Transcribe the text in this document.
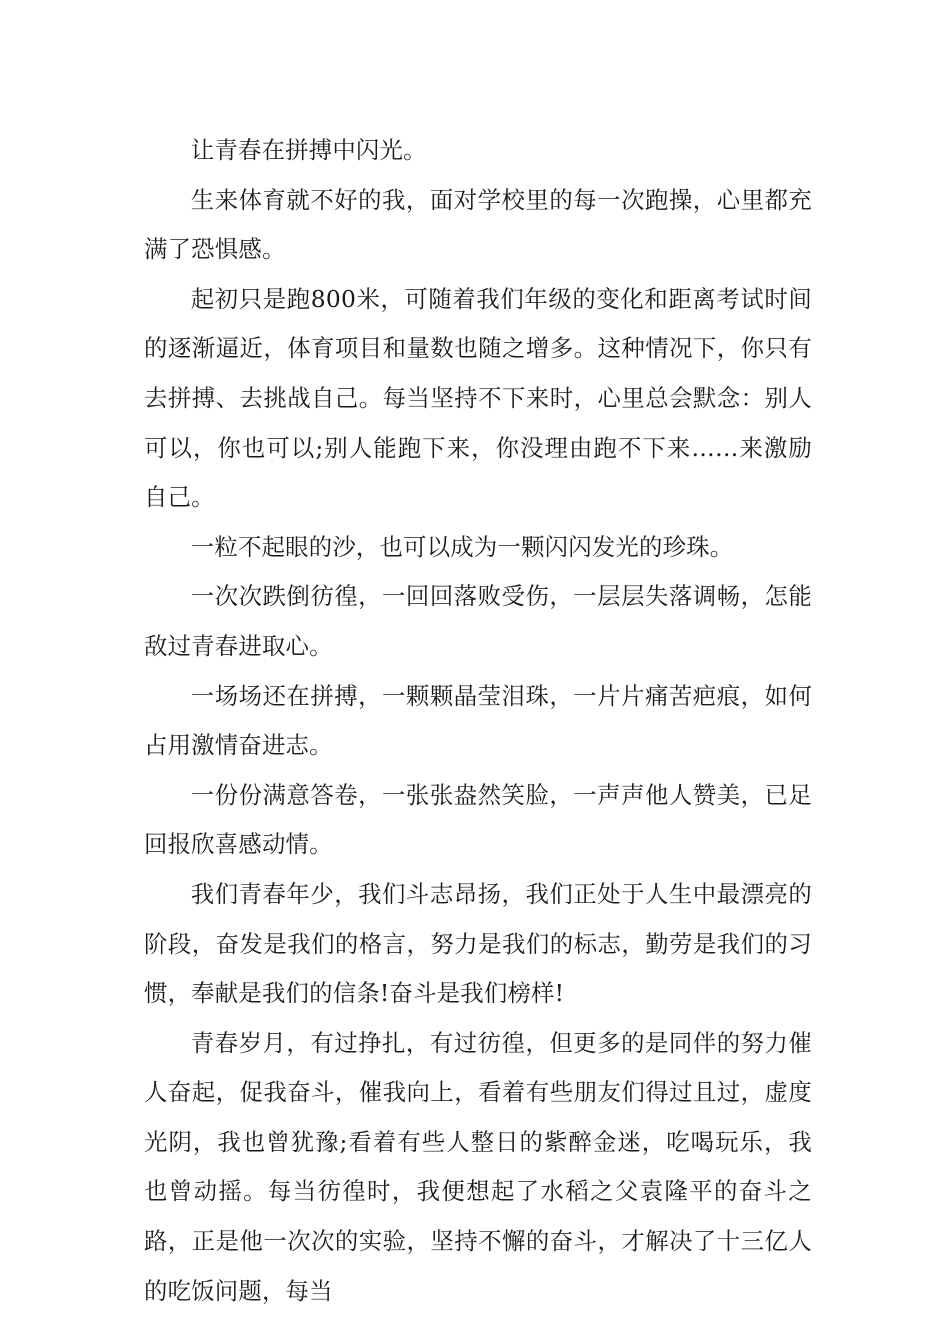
让青春在拼搏中闪光。

生来体育就不好的我，面对学校里的每一次跑操，心里都充满了恐惧感。

起初只是跑800米，可随着我们年级的变化和距离考试时间的逐渐逼近，体育项目和量数也随之增多。这种情况下，你只有去拼搏、去挑战自己。每当坚持不下来时，心里总会默念：别人可以，你也可以;别人能跑下来，你没理由跑不下来……来激励自己。

一粒不起眼的沙，也可以成为一颗闪闪发光的珍珠。

一次次跌倒彷徨，一回回落败受伤，一层层失落调畅，怎能敌过青春进取心。

一场场还在拼搏，一颗颗晶莹泪珠，一片片痛苦疤痕，如何占用激情奋进志。

一份份满意答卷，一张张盎然笑脸，一声声他人赞美，已足回报欣喜感动情。

我们青春年少，我们斗志昂扬，我们正处于人生中最漂亮的阶段，奋发是我们的格言，努力是我们的标志，勤劳是我们的习惯，奉献是我们的信条!奋斗是我们榜样!

青春岁月，有过挣扎，有过彷徨，但更多的是同伴的努力催人奋起，促我奋斗，催我向上，看着有些朋友们得过且过，虚度光阴，我也曾犹豫;看着有些人整日的紫醉金迷，吃喝玩乐，我也曾动摇。每当彷徨时，我便想起了水稻之父袁隆平的奋斗之路，正是他一次次的实验，坚持不懈的奋斗，才解决了十三亿人的吃饭问题，每当
